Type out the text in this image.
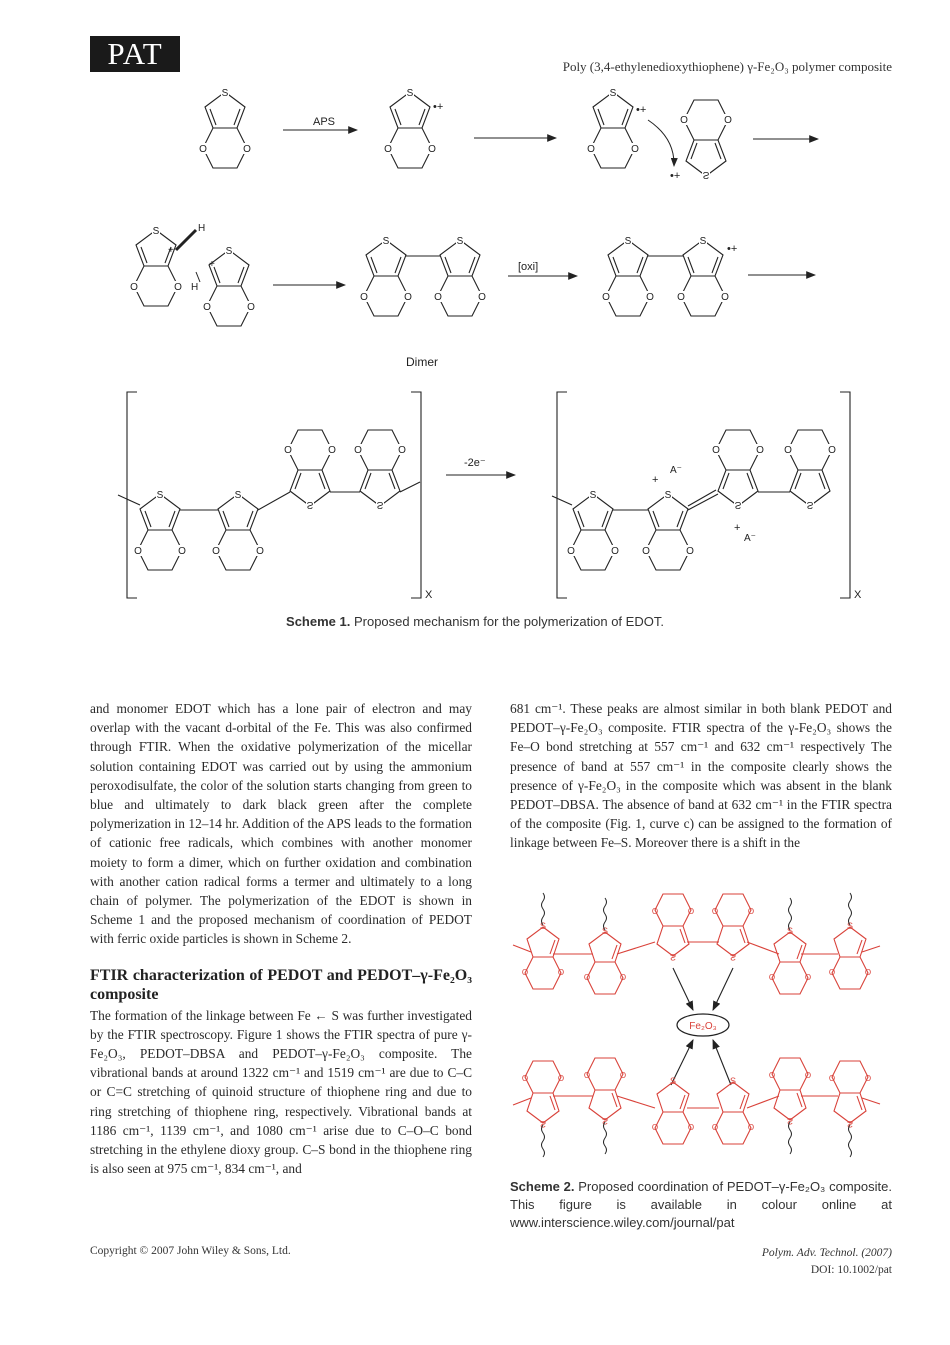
PAT	Poly (3,4-ethylenedioxythiophene) γ-Fe₂O₃ polymer composite
O
APS
•+	•+
•+
H
H
+
+
Dimer
[oxi]
•+
X
-2e⁻
X
+
A⁻
+
A⁻
Scheme 1. Proposed mechanism for the polymerization of EDOT.

and monomer EDOT which has a lone pair of electron and may overlap with the vacant d-orbital of the Fe. This was also confirmed through FTIR. When the oxidative polymerization of the micellar solution containing EDOT was carried out by using the ammonium peroxodisulfate, the color of the solution starts changing from green to blue and ultimately to dark black green after the complete polymerization in 12–14 hr. Addition of the APS leads to the formation of cationic free radicals, which combines with another monomer moiety to form a dimer, which on further oxidation and combination with another cation radical forms a termer and ultimately to a long chain of polymer. The polymerization of the EDOT is shown in Scheme 1 and the proposed mechanism of coordination of PEDOT with ferric oxide particles is shown in Scheme 2.

FTIR characterization of PEDOT and PEDOT–γ-Fe₂O₃ composite

The formation of the linkage between Fe ← S was further investigated by the FTIR spectroscopy. Figure 1 shows the FTIR spectra of pure γ-Fe₂O₃, PEDOT–DBSA and PEDOT–γ-Fe₂O₃ composite. The vibrational bands at around 1322 cm⁻¹ and 1519 cm⁻¹ are due to C–C or C=C stretching of quinoid structure of thiophene ring and due to ring stretching of thiophene ring, respectively. Vibrational bands at 1186 cm⁻¹, 1139 cm⁻¹, and 1080 cm⁻¹ arise due to C–O–C bond stretching in the ethylene dioxy group. C–S bond in the thiophene ring is also seen at 975 cm⁻¹, 834 cm⁻¹, and

681 cm⁻¹. These peaks are almost similar in both blank PEDOT and PEDOT–γ-Fe₂O₃ composite. FTIR spectra of the γ-Fe₂O₃ shows the Fe–O bond stretching at 557 cm⁻¹ and 632 cm⁻¹ respectively The presence of band at 557 cm⁻¹ in the composite clearly shows the presence of γ-Fe₂O₃ in the composite which was absent in the blank PEDOT–DBSA. The absence of band at 632 cm⁻¹ in the FTIR spectra of the composite (Fig. 1, curve c) can be assigned to the formation of linkage between Fe–S. Moreover there is a shift in the

S
O	O
Fe₂O₃
Scheme 2. Proposed coordination of PEDOT–γ-Fe₂O₃ composite. This figure is available in colour online at www.interscience.wiley.com/journal/pat
Copyright © 2007 John Wiley & Sons, Ltd.	Polym. Adv. Technol. (2007)
DOI: 10.1002/pat
